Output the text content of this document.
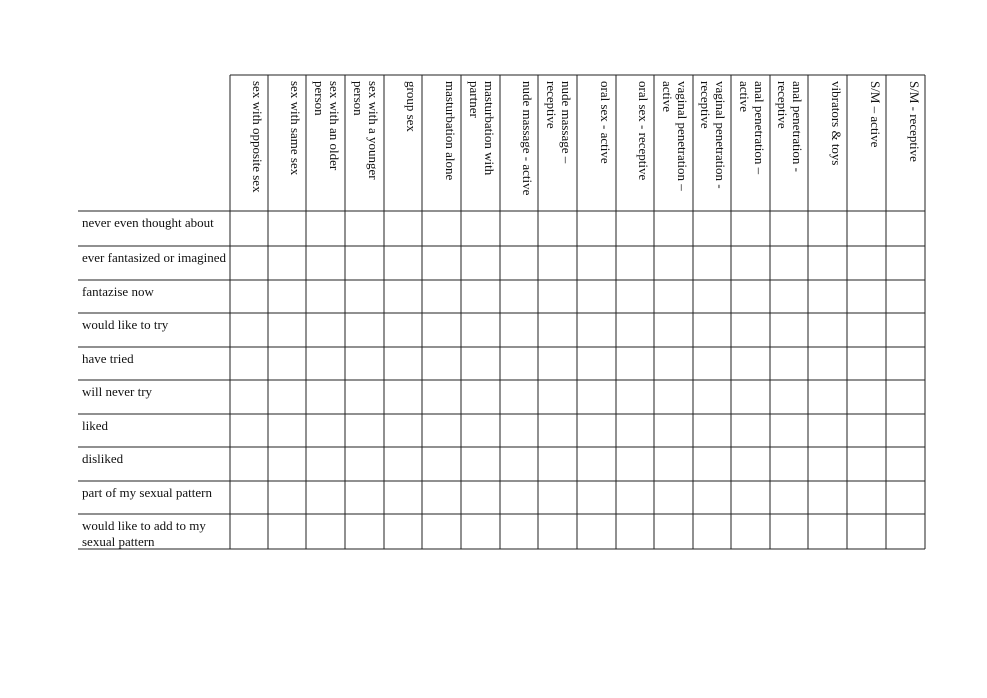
sex with opposite sex	sex with same sex	sex with an older person	sex with a younger person	group sex	masturbation alone	masturbation with partner	nude massage - active	nude massage – receptive	oral sex - active	oral sex - receptive	vaginal penetration – active	vaginal penetration - receptive	anal penetration – active	anal penetration - receptive	vibrators & toys	S/M – active	S/M - receptive
never even thought about
ever fantasized or imagined
fantazise now
would like to try
have tried
will never try
liked
disliked
part of my sexual pattern
would like to add to my sexual pattern
